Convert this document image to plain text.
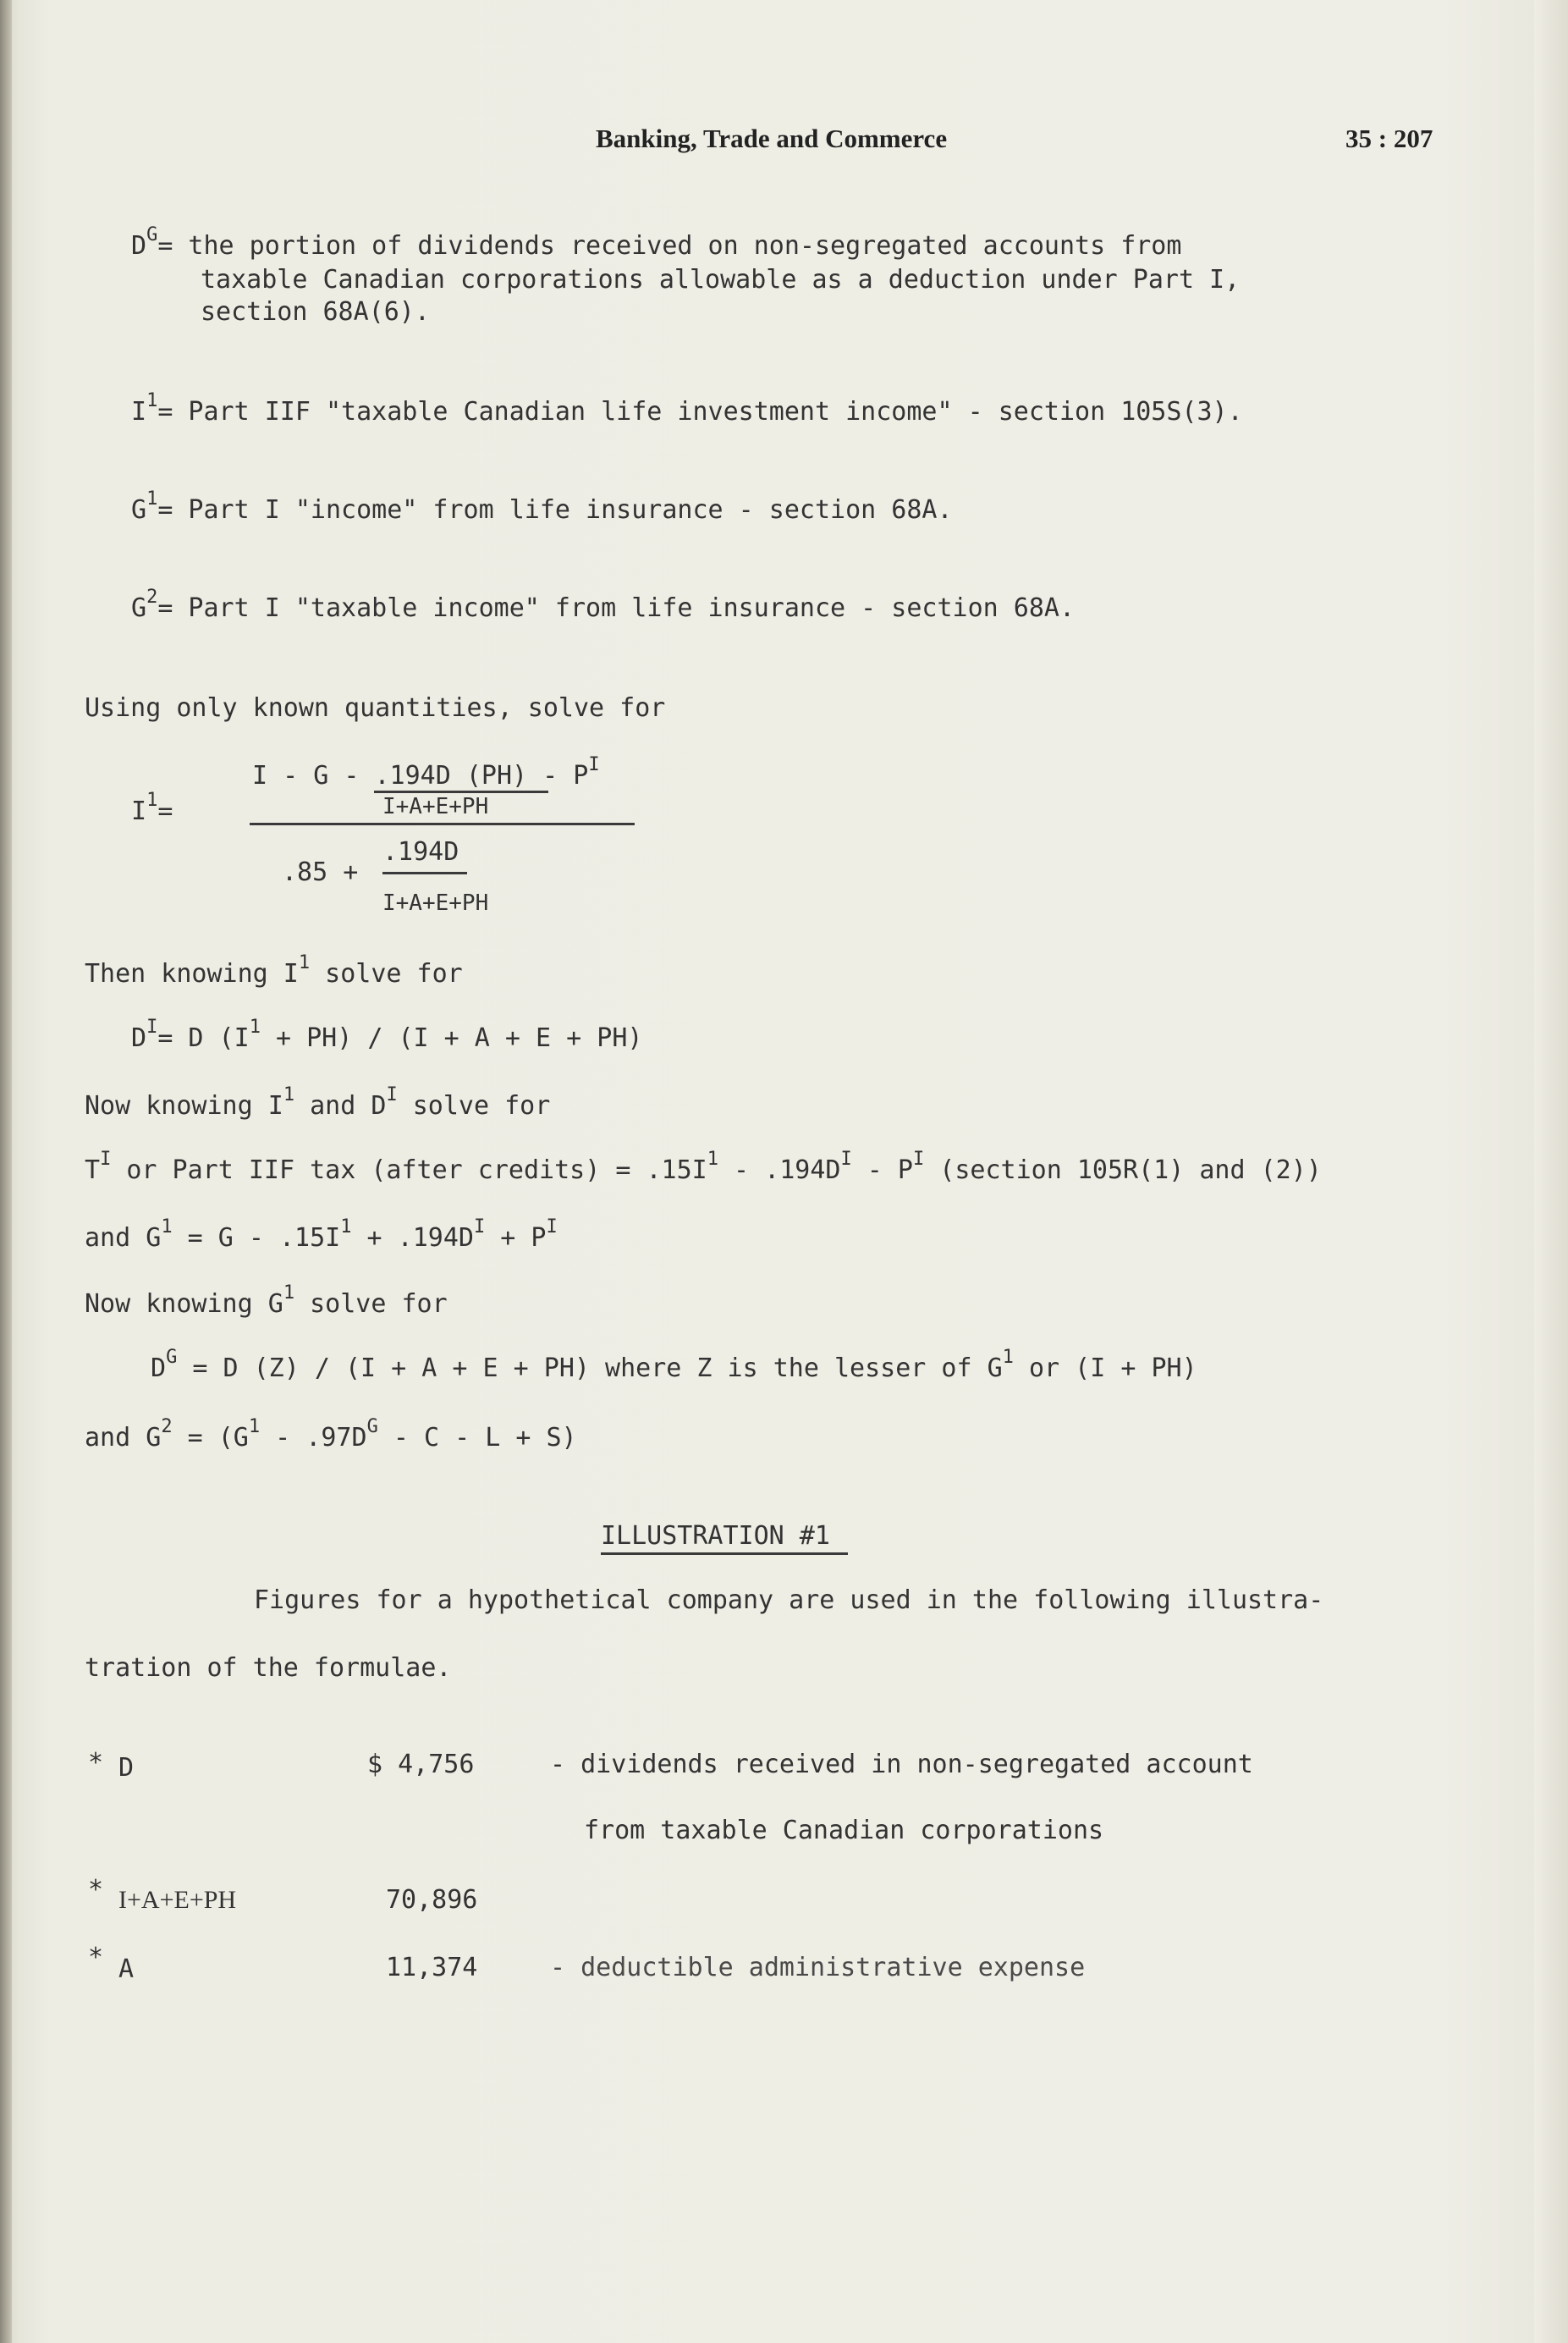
Banking, Trade and Commerce	35 : 207
$D^G=$ the portion of dividends received on non-segregated accounts from
taxable Canadian corporations allowable as a deduction under Part I,
section 68A(6).
$I^1=$ Part IIF "taxable Canadian life investment income" - section 105S(3).
$G^1=$ Part I "income" from life insurance - section 68A.
$G^2=$ Part I "taxable income" from life insurance - section 68A.
Using only known quantities, solve for
$I^1=$
I - G - .194D $(PH) - P^I$
I+A+E+PH
.85 +
.194D
I+A+E+PH
Then knowing $I^1$ solve for
$D^I= D$ $(I^1 + PH) / (I + A + E + PH)$
Now knowing $I^1$ and $D^I$ solve for
$T^I$ or Part IIF tax (after credits) = $.15I^1 - .194D^I - P^I$ (section 105R(1) and (2))
and $G^1 = G - .15I^1 + .194D^I + P^I$
Now knowing $G^1$ solve for
$D^G = D$ (Z) / (I + A + E + PH) where Z is the lesser of $G^1$ or (I + PH)
and $G^2 = (G^1 - .97D^G - C - L + S)$
ILLUSTRATION #1
Figures for a hypothetical company are used in the following illustra-
tration of the formulae.
* D	$ 4,756	- dividends received in non-segregated account
from taxable Canadian corporations
* I+A+E+PH	70,896
* A	11,374	- deductible administrative expense
